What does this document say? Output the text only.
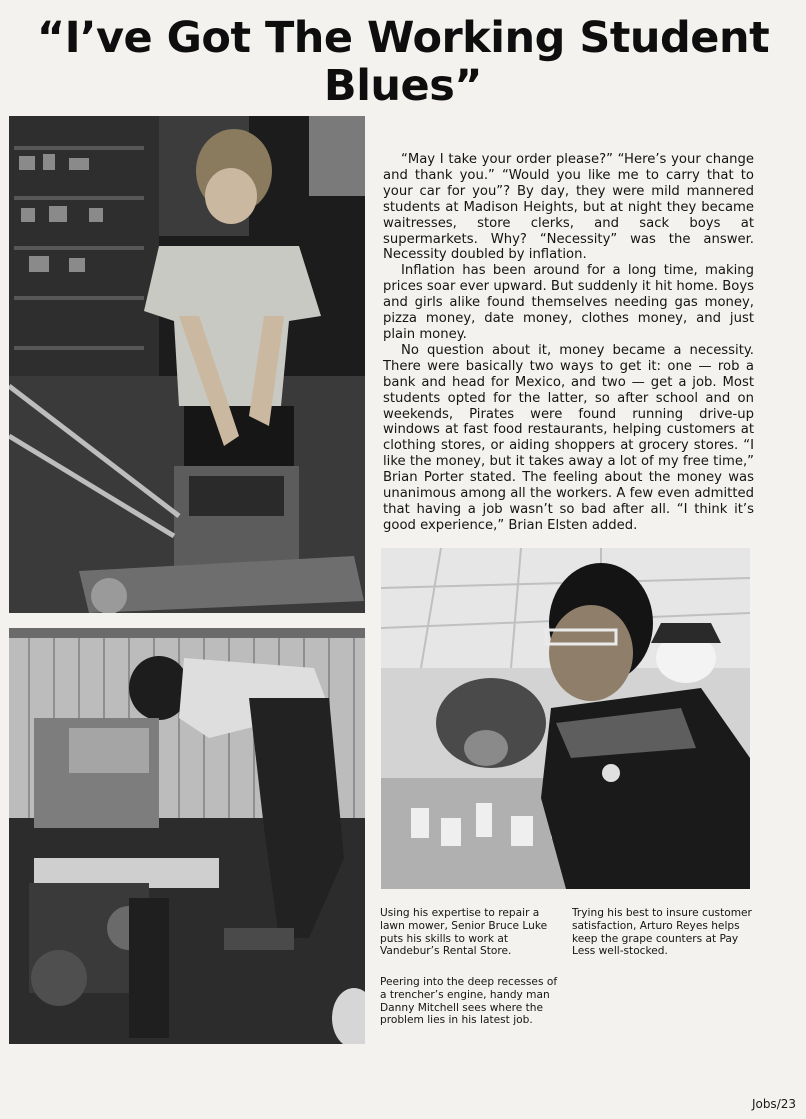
“I’ve Got The Working Student Blues”

“May I take your order please?” “Here’s your change and thank you.” “Would you like me to carry that to your car for you”? By day, they were mild mannered students at Madison Heights, but at night they became waitresses, store clerks, and sack boys at supermarkets. Why? “Necessity” was the answer. Necessity doubled by inflation.

Inflation has been around for a long time, making prices soar ever upward. But suddenly it hit home. Boys and girls alike found themselves needing gas money, pizza money, date money, clothes money, and just plain money.

No question about it, money became a necessity. There were basically two ways to get it: one — rob a bank and head for Mexico, and two — get a job. Most students opted for the latter, so after school and on weekends, Pirates were found running drive-up windows at fast food restaurants, helping customers at clothing stores, or aiding shoppers at grocery stores. “I like the money, but it takes away a lot of my free time,” Brian Porter stated. The feeling about the money was unanimous among all the workers. A few even admitted that having a job wasn’t so bad after all. “I think it’s good experience,” Brian Elsten added.

Using his expertise to repair a lawn mower, Senior Bruce Luke puts his skills to work at Vandebur’s Rental Store.
Peering into the deep recesses of a trencher’s engine, handy man Danny Mitchell sees where the problem lies in his latest job.
Trying his best to insure customer satisfaction, Arturo Reyes helps keep the grape counters at Pay Less well-stocked.
Jobs/23
